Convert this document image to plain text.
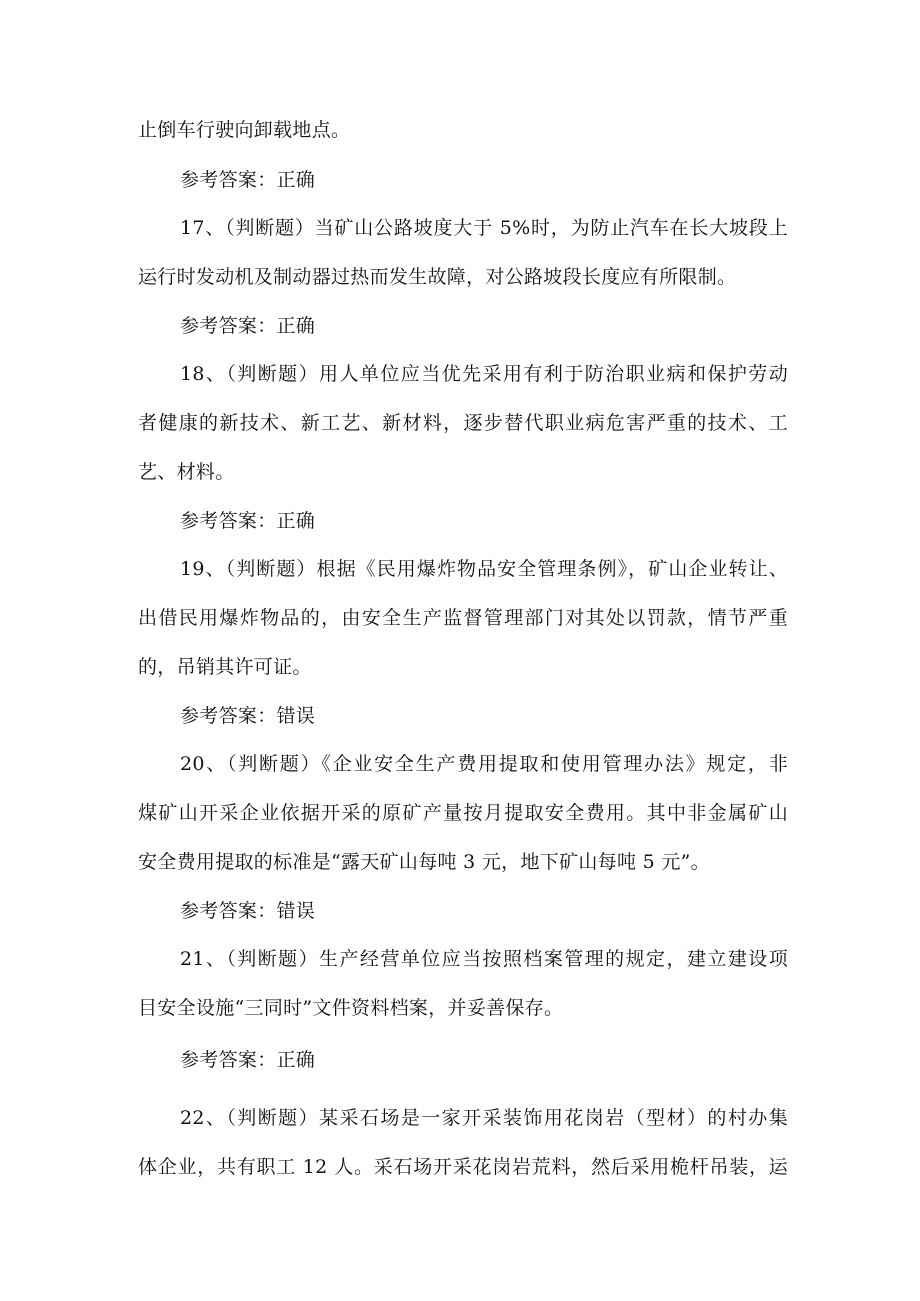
止倒车行驶向卸载地点。
参考答案：正确
17、（判断题）当矿山公路坡度大于 5%时，为防止汽车在长大坡段上
运行时发动机及制动器过热而发生故障，对公路坡段长度应有所限制。
参考答案：正确
18、（判断题）用人单位应当优先采用有利于防治职业病和保护劳动
者健康的新技术、新工艺、新材料，逐步替代职业病危害严重的技术、工
艺、材料。
参考答案：正确
19、（判断题）根据《民用爆炸物品安全管理条例》，矿山企业转让、
出借民用爆炸物品的，由安全生产监督管理部门对其处以罚款，情节严重
的，吊销其许可证。
参考答案：错误
20、（判断题）《企业安全生产费用提取和使用管理办法》规定，非
煤矿山开采企业依据开采的原矿产量按月提取安全费用。其中非金属矿山
安全费用提取的标准是“露天矿山每吨 3 元，地下矿山每吨 5 元”。
参考答案：错误
21、（判断题）生产经营单位应当按照档案管理的规定，建立建设项
目安全设施“三同时”文件资料档案，并妥善保存。
参考答案：正确
22、（判断题）某采石场是一家开采装饰用花岗岩（型材）的村办集
体企业，共有职工 12 人。采石场开采花岗岩荒料，然后采用桅杆吊装，运
